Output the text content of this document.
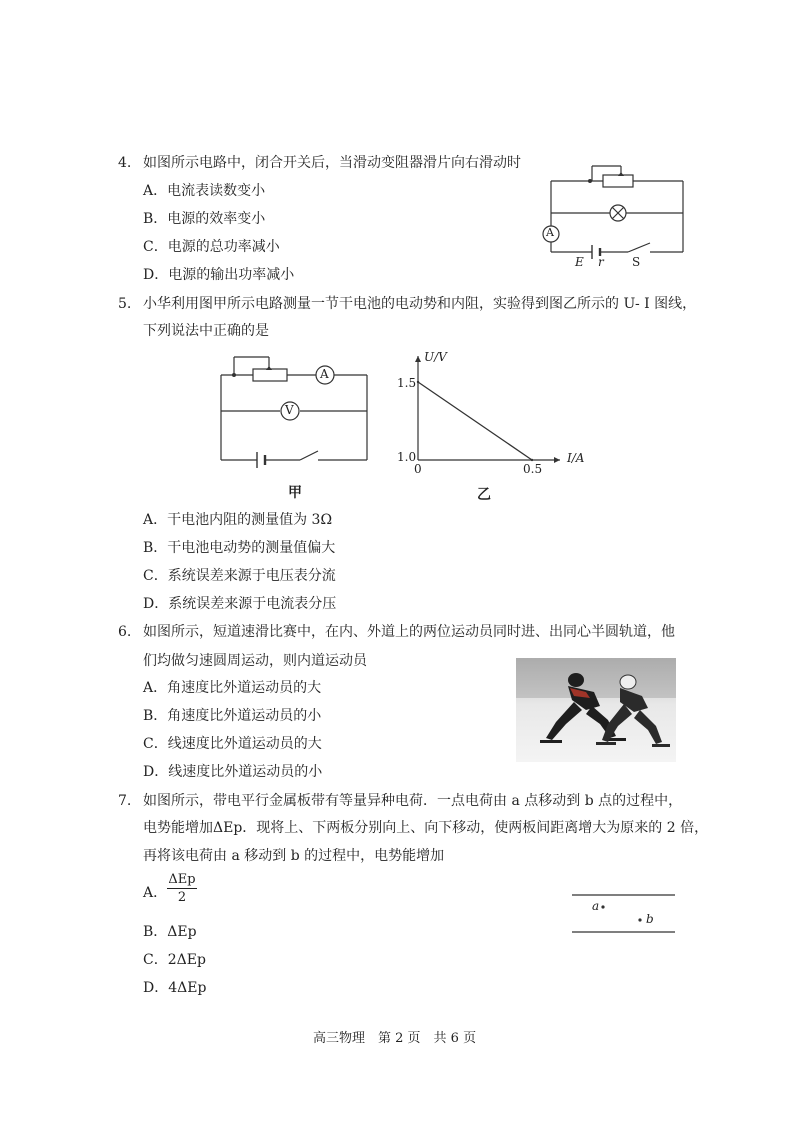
4. 如图所示电路中，闭合开关后，当滑动变阻器滑片向右滑动时
A．电流表读数变小
B．电源的效率变小
C．电源的总功率减小
D．电源的输出功率减小
A
E r S
5. 小华利用图甲所示电路测量一节干电池的电动势和内阻，实验得到图乙所示的 U- I 图线，
下列说法中正确的是
A
V
甲
U/V
I/A
1.5
1.0
0	0.5
乙
A．干电池内阻的测量值为 3Ω
B．干电池电动势的测量值偏大
C．系统误差来源于电压表分流
D．系统误差来源于电流表分压
6. 如图所示，短道速滑比赛中，在内、外道上的两位运动员同时进、出同心半圆轨道，他
们均做匀速圆周运动，则内道运动员
A．角速度比外道运动员的大
B．角速度比外道运动员的小
C．线速度比外道运动员的大
D．线速度比外道运动员的小
7. 如图所示，带电平行金属板带有等量异种电荷．一点电荷由 a 点移动到 b 点的过程中，
电势能增加ΔEp．现将上、下两板分别向上、向下移动，使两板间距离增大为原来的 2 倍，
再将该电荷由 a 移动到 b 的过程中，电势能增加
A．
ΔEp
2
B．ΔEp
C．2ΔEp
D．4ΔEp
a
b
高三物理　第 2 页　共 6 页
